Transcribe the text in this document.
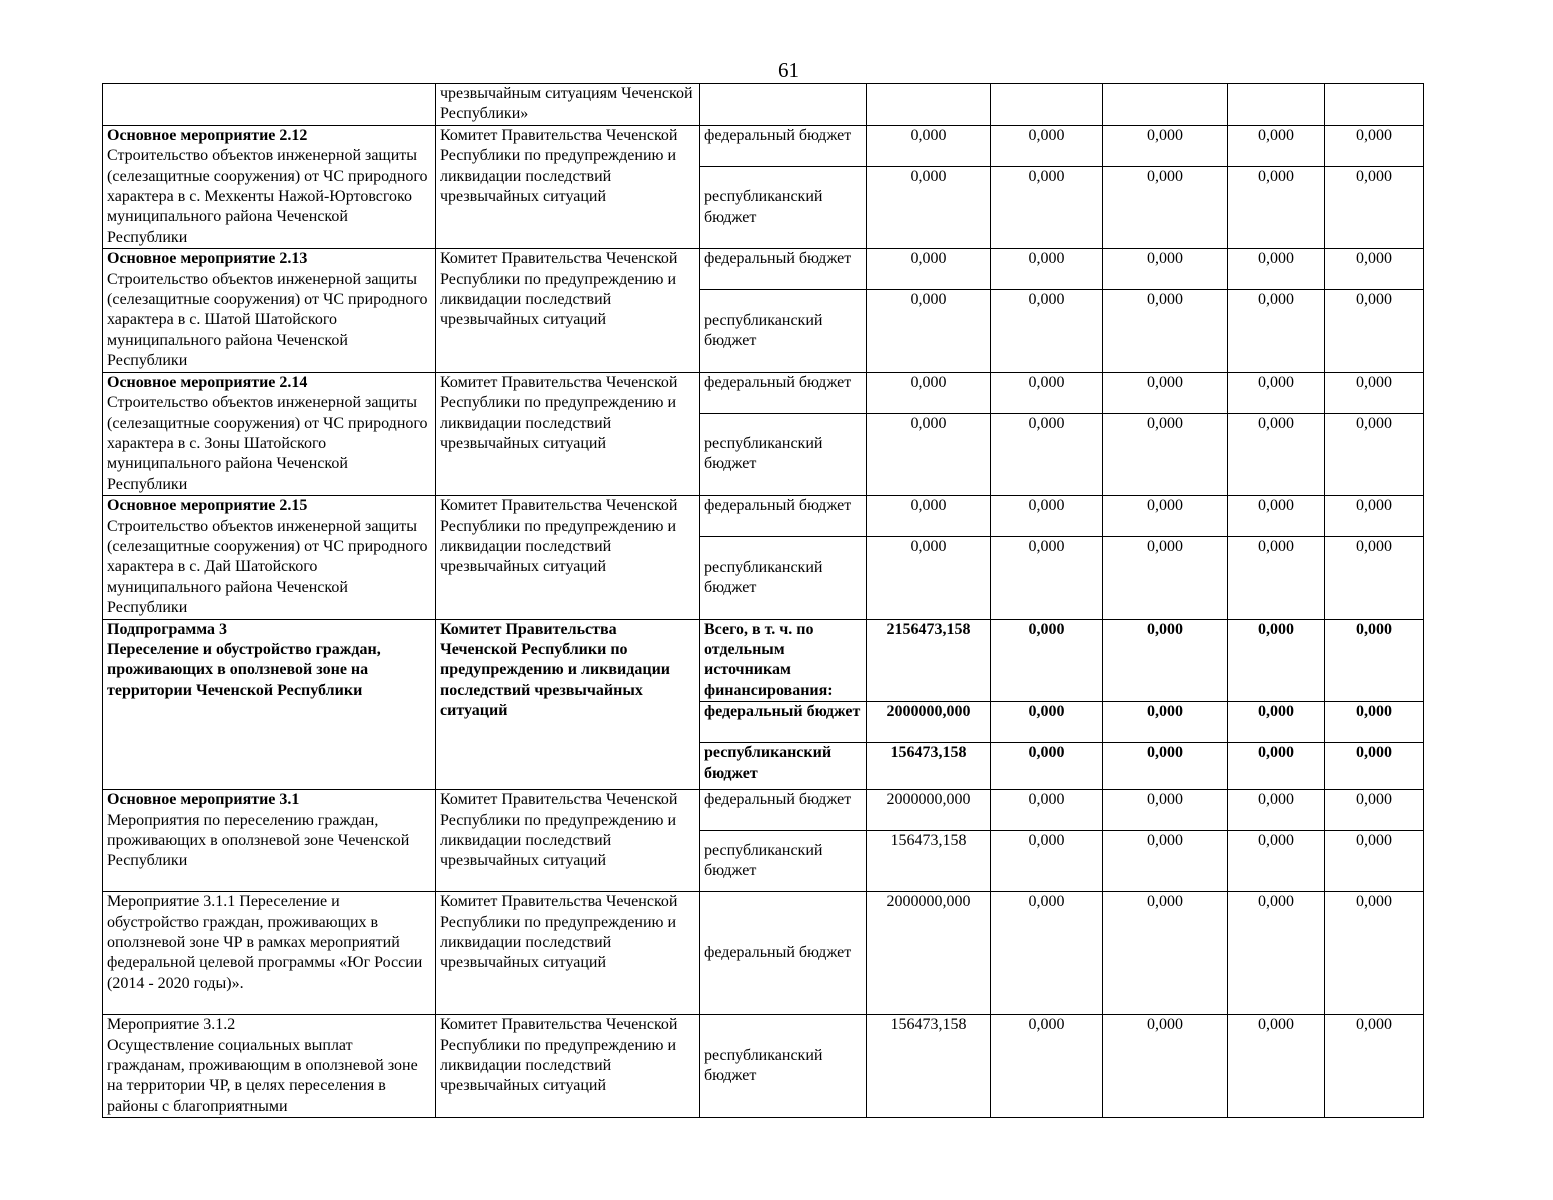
61
	чрезвычайным ситуациям Чеченской Республики»						

Основное мероприятие 2.12
Строительство объектов инженерной защиты (селезащитные сооружения) от ЧС природного характера в с. Мехкенты Нажой-Юртовсгоко муниципального района Чеченской Республики	Комитет Правительства Чеченской Республики по предупреждению и ликвидации последствий чрезвычайных ситуаций	федеральный бюджет	0,000	0,000	0,000	0,000	0,000
		республиканский бюджет	0,000	0,000	0,000	0,000	0,000

Основное мероприятие 2.13
Строительство объектов инженерной защиты (селезащитные сооружения) от ЧС природного характера в с. Шатой Шатойского муниципального района Чеченской Республики	Комитет Правительства Чеченской Республики по предупреждению и ликвидации последствий чрезвычайных ситуаций	федеральный бюджет	0,000	0,000	0,000	0,000	0,000
		республиканский бюджет	0,000	0,000	0,000	0,000	0,000

Основное мероприятие 2.14
Строительство объектов инженерной защиты (селезащитные сооружения) от ЧС природного характера в с. Зоны Шатойского муниципального района Чеченской Республики	Комитет Правительства Чеченской Республики по предупреждению и ликвидации последствий чрезвычайных ситуаций	федеральный бюджет	0,000	0,000	0,000	0,000	0,000
		республиканский бюджет	0,000	0,000	0,000	0,000	0,000

Основное мероприятие 2.15
Строительство объектов инженерной защиты (селезащитные сооружения) от ЧС природного характера в с. Дай Шатойского муниципального района Чеченской Республики	Комитет Правительства Чеченской Республики по предупреждению и ликвидации последствий чрезвычайных ситуаций	федеральный бюджет	0,000	0,000	0,000	0,000	0,000
		республиканский бюджет	0,000	0,000	0,000	0,000	0,000

Подпрограмма 3
Переселение и обустройство граждан, проживающих в оползневой зоне на территории Чеченской Республики	Комитет Правительства Чеченской Республики по предупреждению и ликвидации последствий чрезвычайных ситуаций	Всего, в т. ч. по отдельным источникам финансирования:	2156473,158	0,000	0,000	0,000	0,000
		федеральный бюджет	2000000,000	0,000	0,000	0,000	0,000
		республиканский бюджет	156473,158	0,000	0,000	0,000	0,000

Основное мероприятие 3.1
Мероприятия по переселению граждан, проживающих в оползневой зоне Чеченской Республики	Комитет Правительства Чеченской Республики по предупреждению и ликвидации последствий чрезвычайных ситуаций	федеральный бюджет	2000000,000	0,000	0,000	0,000	0,000
		республиканский бюджет	156473,158	0,000	0,000	0,000	0,000
Мероприятие 3.1.1 Переселение и обустройство граждан, проживающих в оползневой зоне ЧР в рамках мероприятий федеральной целевой программы «Юг России (2014 - 2020 годы)».	Комитет Правительства Чеченской Республики по предупреждению и ликвидации последствий чрезвычайных ситуаций	федеральный бюджет	2000000,000	0,000	0,000	0,000	0,000

Мероприятие 3.1.2
Осуществление социальных выплат гражданам, проживающим в оползневой зоне на территории ЧР, в целях переселения в районы с благоприятными	Комитет Правительства Чеченской Республики по предупреждению и ликвидации последствий чрезвычайных ситуаций	республиканский бюджет	156473,158	0,000	0,000	0,000	0,000
